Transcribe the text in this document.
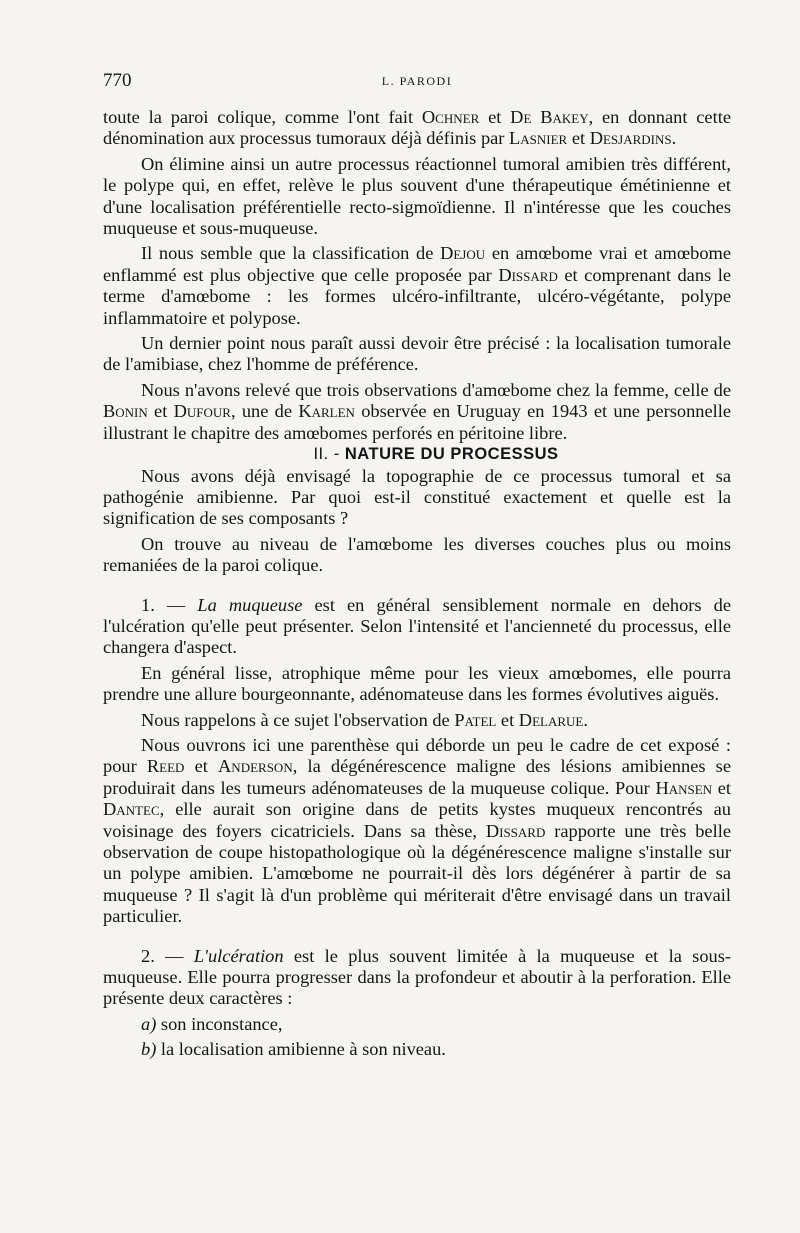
770	L. PARODI

toute la paroi colique, comme l'ont fait Ochner et De Bakey, en donnant cette dénomination aux processus tumoraux déjà définis par Lasnier et Desjardins.

On élimine ainsi un autre processus réactionnel tumoral amibien très différent, le polype qui, en effet, relève le plus souvent d'une thérapeutique émétinienne et d'une localisation préférentielle recto-sigmoïdienne. Il n'intéresse que les couches muqueuse et sous-muqueuse.

Il nous semble que la classification de Dejou en amœbome vrai et amœbome enflammé est plus objective que celle proposée par Dissard et comprenant dans le terme d'amœbome : les formes ulcéro-infiltrante, ulcéro-végétante, polype inflammatoire et polypose.

Un dernier point nous paraît aussi devoir être précisé : la localisation tumorale de l'amibiase, chez l'homme de préférence.

Nous n'avons relevé que trois observations d'amœbome chez la femme, celle de Bonin et Dufour, une de Karlen observée en Uruguay en 1943 et une personnelle illustrant le chapitre des amœbomes perforés en péritoine libre.

II. - NATURE DU PROCESSUS

Nous avons déjà envisagé la topographie de ce processus tumoral et sa pathogénie amibienne. Par quoi est-il constitué exactement et quelle est la signification de ses composants ?

On trouve au niveau de l'amœbome les diverses couches plus ou moins remaniées de la paroi colique.

1. — La muqueuse est en général sensiblement normale en dehors de l'ulcération qu'elle peut présenter. Selon l'intensité et l'ancienneté du processus, elle changera d'aspect.

En général lisse, atrophique même pour les vieux amœbomes, elle pourra prendre une allure bourgeonnante, adénomateuse dans les formes évolutives aiguës.

Nous rappelons à ce sujet l'observation de Patel et Delarue.

Nous ouvrons ici une parenthèse qui déborde un peu le cadre de cet exposé : pour Reed et Anderson, la dégénérescence maligne des lésions amibiennes se produirait dans les tumeurs adénomateuses de la muqueuse colique. Pour Hansen et Dantec, elle aurait son origine dans de petits kystes muqueux rencontrés au voisinage des foyers cicatriciels. Dans sa thèse, Dissard rapporte une très belle observation de coupe histopathologique où la dégénérescence maligne s'installe sur un polype amibien. L'amœbome ne pourrait-il dès lors dégénérer à partir de sa muqueuse ? Il s'agit là d'un problème qui mériterait d'être envisagé dans un travail particulier.

2. — L'ulcération est le plus souvent limitée à la muqueuse et la sous-muqueuse. Elle pourra progresser dans la profondeur et aboutir à la perforation. Elle présente deux caractères :

a) son inconstance,

b) la localisation amibienne à son niveau.
